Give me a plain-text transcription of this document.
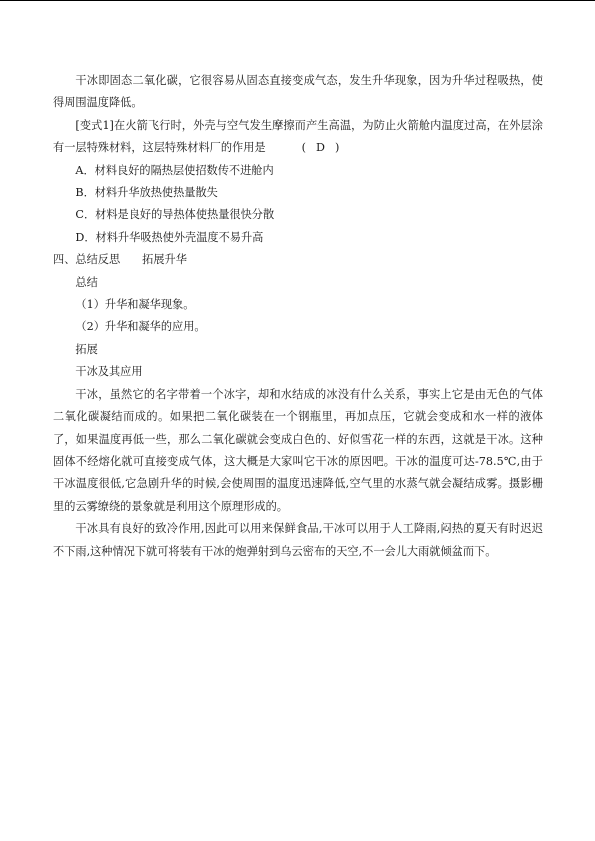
干冰即固态二氧化碳，它很容易从固态直接变成气态，发生升华现象，因为升华过程吸热，使得周围温度降低。

[变式1]在火箭飞行时，外壳与空气发生摩擦而产生高温，为防止火箭舱内温度过高，在外层涂有一层特殊材料，这层特殊材料厂的作用是	( D )

A．材料良好的隔热层使招数传不进舱内

B．材料升华放热使热量散失

C．材料是良好的导热体使热量很快分散

D．材料升华吸热使外壳温度不易升高

四、总结反思 拓展升华

总结

（1）升华和凝华现象。

（2）升华和凝华的应用。

拓展

干冰及其应用

干冰，虽然它的名字带着一个冰字，却和水结成的冰没有什么关系，事实上它是由无色的气体二氧化碳凝结而成的。如果把二氧化碳装在一个钢瓶里，再加点压，它就会变成和水一样的液体了，如果温度再低一些，那么二氧化碳就会变成白色的、好似雪花一样的东西，这就是干冰。这种固体不经熔化就可直接变成气体，这大概是大家叫它干冰的原因吧。干冰的温度可达-78.5℃,由于干冰温度很低,它急剧升华的时候,会使周围的温度迅速降低,空气里的水蒸气就会凝结成雾。摄影栅里的云雾缭绕的景象就是利用这个原理形成的。

干冰具有良好的致冷作用,因此可以用来保鲜食品,干冰可以用于人工降雨,闷热的夏天有时迟迟不下雨,这种情况下就可将装有干冰的炮弹射到乌云密布的天空,不一会儿大雨就倾盆而下。
